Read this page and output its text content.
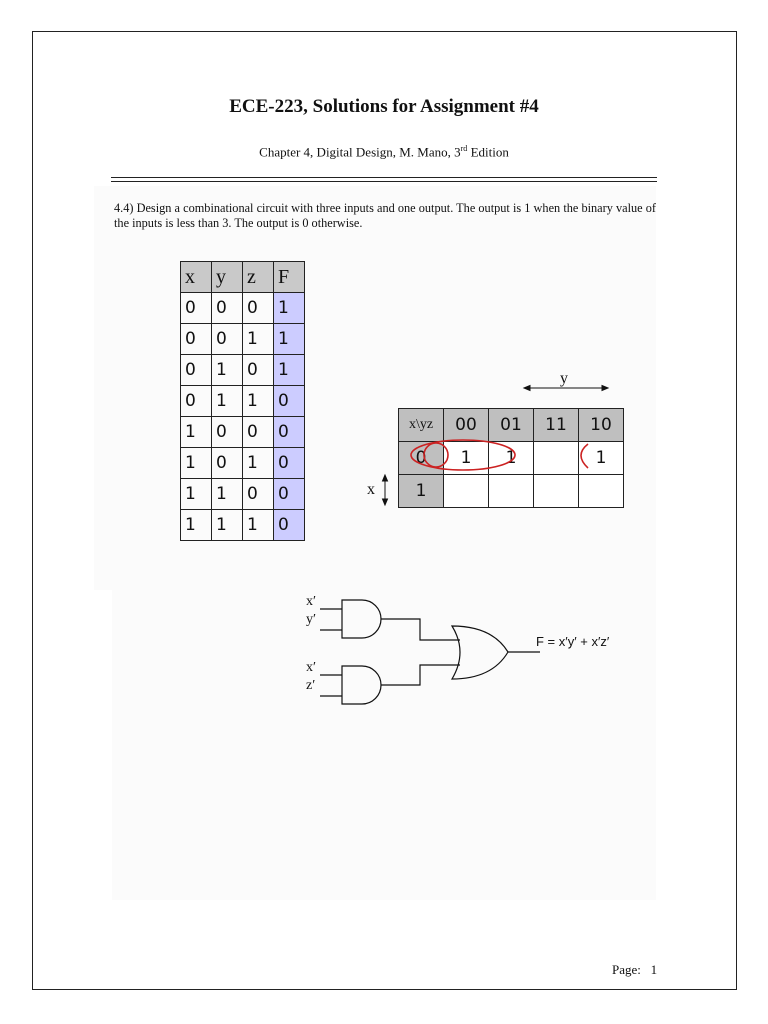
ECE-223, Solutions for Assignment #4
Chapter 4, Digital Design, M. Mano, 3rd Edition
4.4) Design a combinational circuit with three inputs and one output. The output is 1 when the binary value of the inputs is less than 3. The output is 0 otherwise.
x	y	z	F
0	0	0	1
0	0	1	1
0	1	0	1
0	1	1	0
1	0	0	0
1	0	1	0
1	1	0	0
1	1	1	0
y
x
x\yz	00	01	11	10
0	1	1		1
1				
x′
y′
x′
z′
F = x′y′ + x′z′
Page: 1
